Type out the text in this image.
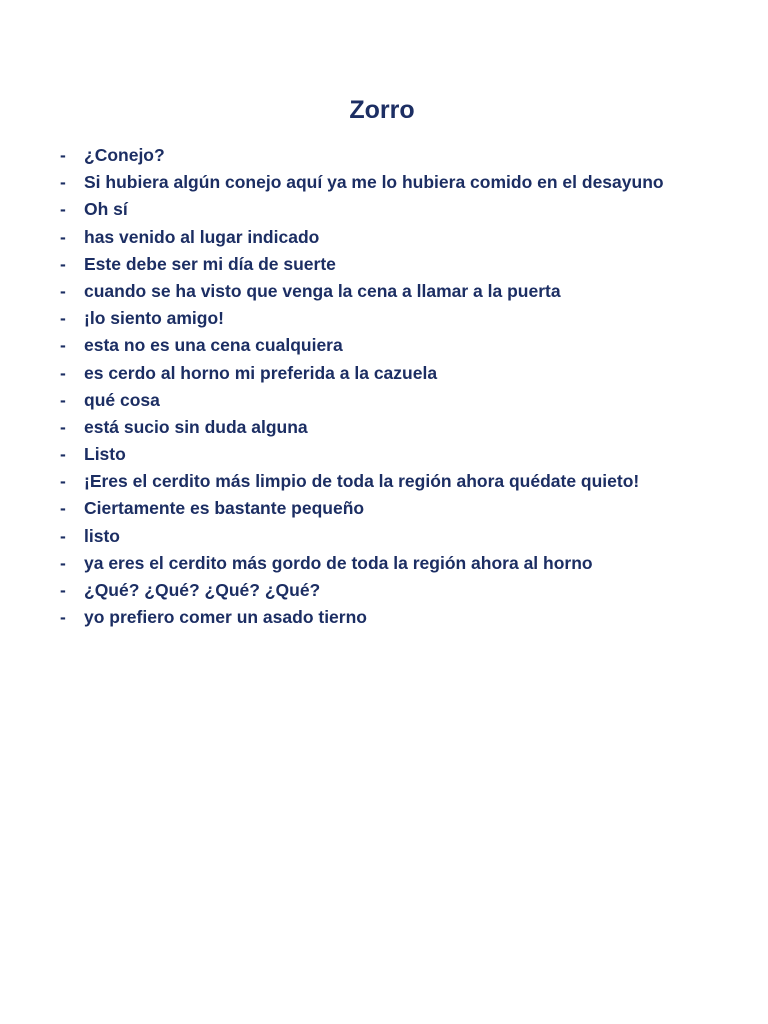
Zorro
- ¿Conejo?
- Si hubiera algún conejo aquí ya me lo hubiera comido en el desayuno
- Oh sí
- has venido al lugar indicado
- Este debe ser mi día de suerte
- cuando se ha visto que venga la cena a llamar a la puerta
- ¡lo siento amigo!
- esta no es una cena cualquiera
- es cerdo al horno mi preferida a la cazuela
- qué cosa
- está sucio sin duda alguna
- Listo
- ¡Eres el cerdito más limpio de toda la región ahora quédate quieto!
- Ciertamente es bastante pequeño
- listo
- ya eres el cerdito más gordo de toda la región ahora al horno
- ¿Qué? ¿Qué? ¿Qué? ¿Qué?
- yo prefiero comer un asado tierno
